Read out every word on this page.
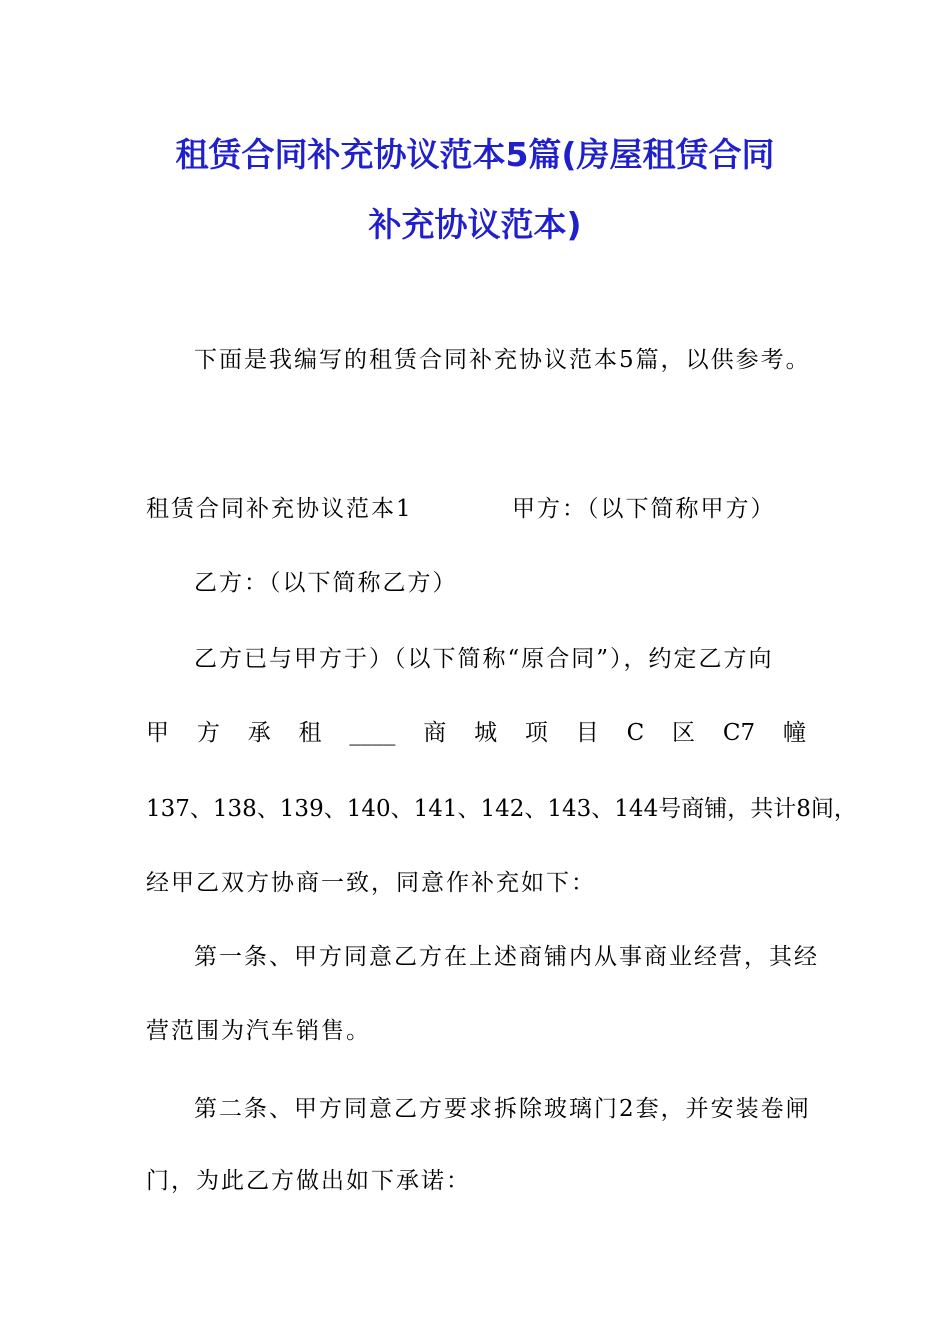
租赁合同补充协议范本5篇(房屋租赁合同
补充协议范本)
下面是我编写的租赁合同补充协议范本5篇，以供参考。
租赁合同补充协议范本1	甲方：（以下简称甲方）
乙方：（以下简称乙方）
乙方已与甲方于）（以下简称“原合同”），约定乙方向
甲 方 承 租 ____ 商 城 项 目 C 区 C7 幢
137、138、139、140、141、142、143、144号商铺，共计8间，
经甲乙双方协商一致，同意作补充如下：
第一条、甲方同意乙方在上述商铺内从事商业经营，其经
营范围为汽车销售。
第二条、甲方同意乙方要求拆除玻璃门2套，并安装卷闸
门，为此乙方做出如下承诺：
